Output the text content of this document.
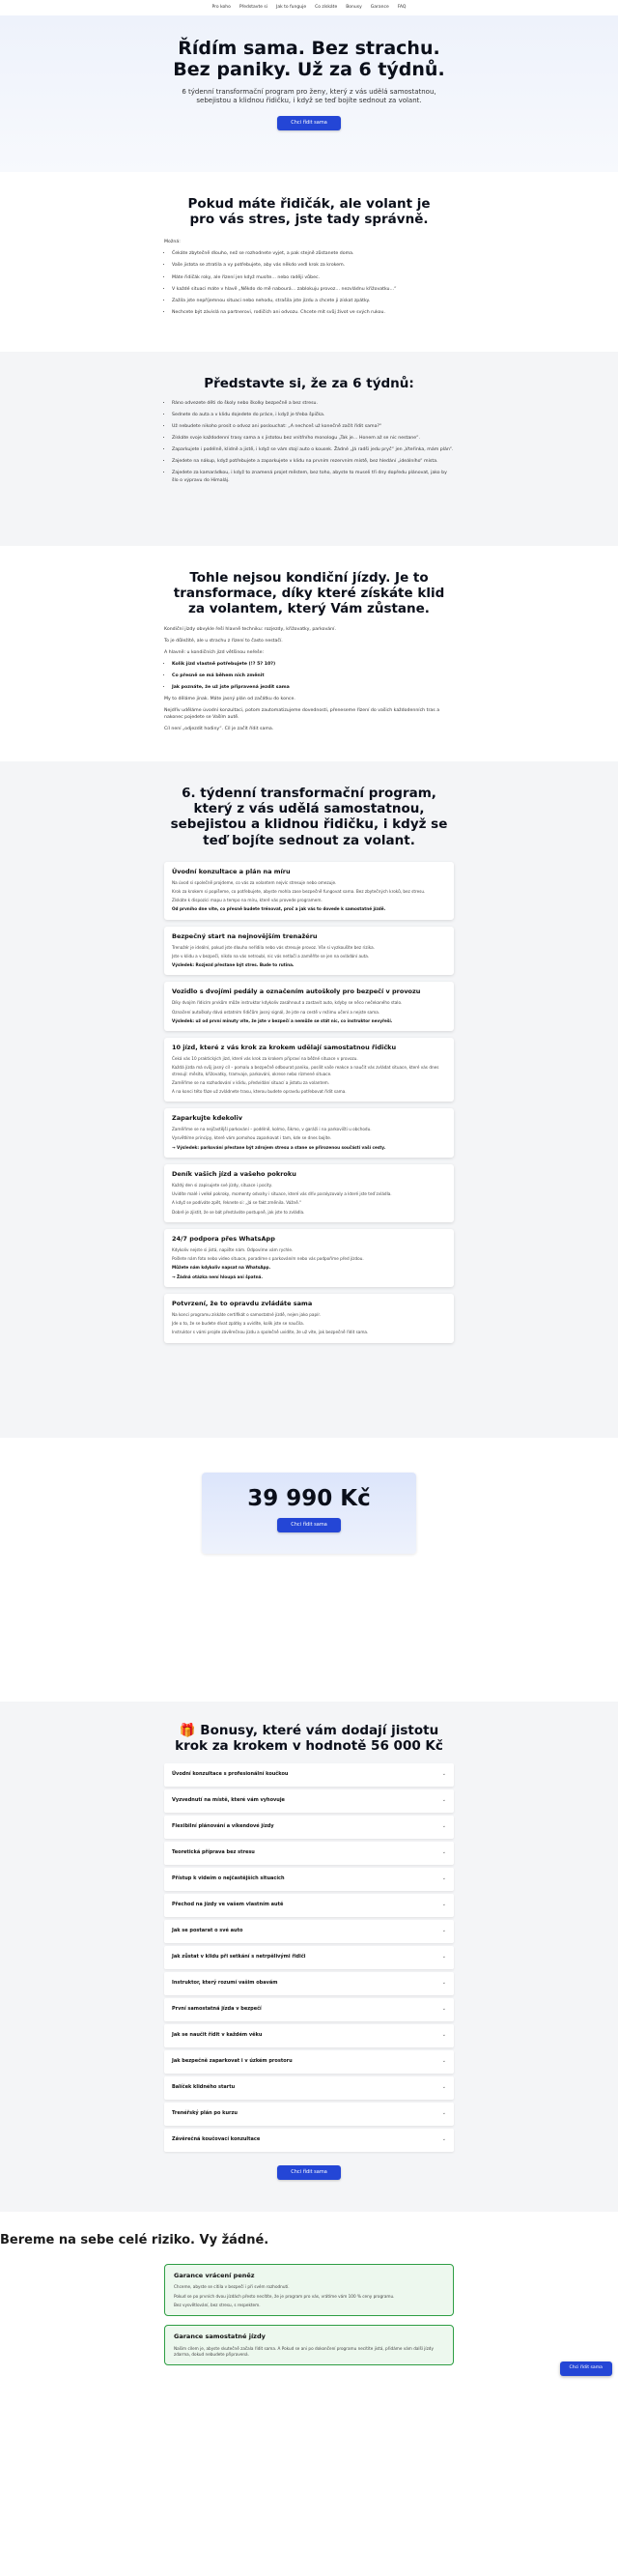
Pro koho Představte si Jak to funguje Co získáte Bonusy Garance FAQ
Řídím sama. Bez strachu. Bez paniky. Už za 6 týdnů.

6 týdenní transformační program pro ženy, který z vás udělá samostatnou, sebejistou a klidnou řidičku, i když se teď bojíte sednout za volant.

Chci řídit sama
Pokud máte řidičák, ale volant je pro vás stres, jste tady správně.

Možná:

• Čekáte zbytečně dlouho, než se rozhodnete vyjet, a pak stejně zůstanete doma.
• Vaše jistota se ztratila a vy potřebujete, aby vás někdo vedl krok za krokem.
• Máte řidičák roky, ale řízení jen když musíte… nebo raději vůbec.
• V každé situaci máte v hlavě „Někdo do mě nabourá… zablokuju provoz… nezvládnu křižovatku…“
• Zažila jste nepříjemnou situaci nebo nehodu, strašila jste jízdu a chcete ji získat zpátky.
• Nechcete být závislá na partnerovi, rodičích ani odvozu. Chcete mít svůj život ve svých rukou.
Představte si, že za 6 týdnů:
• Ráno odvezete děti do školy nebo školky bezpečně a bez stresu.
• Sednete do auta a v klidu dojedete do práce, i když je třeba špička.
• Už nebudete nikoho prosit o odvoz ani poslouchat: „A nechceš už konečně začít řídit sama?“
• Získáte svoje každodenní trasy sama a s jistotou bez vnitřního monologu „Tak je… Honem až se nic nestane“.
• Zaparkujete i podélně, klidně a jistě, i když se vám stojí auto o kousek. Žádné „Já radši jedu pryč“ jen „Vteřinka, mám plán“.
• Zajedete na nákup, když potřebujete a zaparkujete v klidu na prvním rezervním místě, bez hledání „ideálního“ místa.
• Zajedete za kamarádkou, i když to znamená projet městem, bez toho, abyste to museli tři dny dopředu plánovat, jako by šlo o výpravu do Himaláj.
Tohle nejsou kondiční jízdy. Je to transformace, díky které získáte klid za volantem, který Vám zůstane.

Kondiční jízdy obvykle řeší hlavně techniku: rozjezdy, křižovatky, parkování.

To je důležité, ale u strachu z řízení to často nestačí.

A hlavně: u kondičních jízd většinou neřeše:

• Kolik jízd vlastně potřebujete (!? 5? 10?)
• Co přesně se má během nich změnit
• Jak poznáte, že už jste připravená jezdit sama

My to děláme jinak. Máte jasný plán od začátku do konce.

Nejdřív uděláme úvodní konzultaci, potom zautomatizujeme dovednosti, přeneseme řízení do vašich každodenních tras a nakonec pojedete se Vaším autě.

Cíl není „odjezdit hodiny“. Cíl je začít řídit sama.

6. týdenní transformační program, který z vás udělá samostatnou, sebejistou a klidnou řidičku, i když se teď bojíte sednout za volant.
Úvodní konzultace a plán na míru

Na úvod si společně projdeme, co vás za volantem nejvíc stresuje nebo omezuje.

Krok za krokem si popíšeme, co potřebujete, abyste mohla zase bezpečně fungovat sama. Bez zbytečných kroků, bez stresu.

Získáte k dispozici mapu a tempo na míru, které vás provede programem.

Od prvního dne víte, co přesně budete trénovat, proč a jak vás to dovede k samostatné jízdě.

Bezpečný start na nejnovějším trenažéru

Trenažér je ideální, pokud jste dlouho neřídila nebo vás stresuje provoz. Vše si vyzkoušíte bez rizika.

Jste v klidu a v bezpečí, nikdo na vás netroubí, nic vás netlačí a zaměříte se jen na ovládání auta.

Výsledek: Rozjezd přestane být stres. Bude to rutina.

Vozidlo s dvojími pedály a označením autoškoly pro bezpečí v provozu

Díky dvojím řídicím prvkům může instruktor kdykoliv zasáhnout a zastavit auto, kdyby se něco nečekaného stalo.

Označení autoškoly dává ostatním řidičům jasný signál, že jste na cestě v režimu učení a nejste sama.

Výsledek: už od první minuty víte, že jste v bezpečí a nemůže se stát nic, co instruktor nevyřeší.

10 jízd, které z vás krok za krokem udělají samostatnou řidičku

Čeká vás 10 praktických jízd, které vás krok za krokem připraví na běžné situace v provozu.

Každá jízda má svůj jasný cíl – pomalu a bezpečně odbourat paniku, posílit vaše reakce a naučit vás zvládat situace, které vás dnes stresují: měsíto, křižovatky, tramvaje, parkování, okrese nebo rízmené situace.

Zaměříme se na rozhodování v klidu, předvídání situací a jistotu za volantem.

A na konci této fáze už zvládnete trasu, kterou budete opravdu potřebovat řídit sama.

Zaparkujte kdekoliv

Zaměříme se na nejčastější parkování – podélně, kolmo, šikmo, v garáži i na parkovišti u obchodu.

Vysvětlíme principy, které vám pomohou zaparkovat i tam, kde se dnes bojíte.

→ Výsledek: parkování přestane být zdrojem stresu a stane se přirozenou součástí vaší cesty.

Deník vašich jízd a vašeho pokroku

Každý den si zapisujete své jízdy, situace i pocity.

Uvidíte malé i velké pokroky, momenty odvahy i situace, které vás dřív paralyzovaly a které jste teď zvládla.

A když se podíváte zpět, řeknete si: „Já se fakt změnila. Vážně.“

Dobré je zjistit, že se bát přestáváte postupně, jak jste to zvládla.

24/7 podpora přes WhatsApp

Kdykoliv nejste si jistá, napište nám. Odpovíme vám rychle.

Pošlete nám foto nebo video situace, poradíme s parkováním nebo vás podpoříme před jízdou.

Můžete nám kdykoliv napsat na WhatsApp.

→ Žádná otázka není hloupá ani špatná.

Potvrzení, že to opravdu zvládáte sama

Na konci programu získáte certifikát o samostatné jízdě, nejen jako papír.

Jde o to, že se budete dívat zpátky a uvidíte, kolik jste se naučila.

Instruktor s vámi projde závěrečnou jízdu a společně uvidíte, že už víte, jak bezpečně řídit sama.

39 990 Kč
Chci řídit sama
🎁 Bonusy, které vám dodají jistotu krok za krokem v hodnotě 56 000 Kč
Úvodní konzultace s profesionální koučkou	⌄
Vyzvednutí na místě, které vám vyhovuje	⌄
Flexibilní plánování a víkendové jízdy	⌄
Teoretická příprava bez stresu	⌄
Přístup k videím o nejčastějších situacích	⌄
Přechod na jízdy ve vašem vlastním autě	⌄
Jak se postarat o své auto	⌄
Jak zůstat v klidu při setkání s netrpělivými řidiči	⌄
Instruktor, který rozumí vašim obavám	⌄
První samostatná jízda v bezpečí	⌄
Jak se naučit řídit v každém věku	⌄
Jak bezpečně zaparkovat i v úzkém prostoru	⌄
Balíček klidného startu	⌄
Trenéřský plán po kurzu	⌄
Závěrečná koučovací konzultace	⌄
Chci řídit sama
Bereme na sebe celé riziko. Vy žádné.
Garance vrácení peněz

Chceme, abyste se cítila v bezpečí i při svém rozhodnutí.

Pokud se po prvních dvou jízdách přesto necítíte, že je program pro vás, vrátíme vám 100 % ceny programu.

Bez vysvětlování, bez stresu, s respektem.

Garance samostatné jízdy

Našim cílem je, abyste skutečně začala řídit sama. A Pokud se ani po dokončení programu necítíte jistá, přidáme vám další jízdy zdarma, dokud nebudete připravená.

Chci řídit sama
